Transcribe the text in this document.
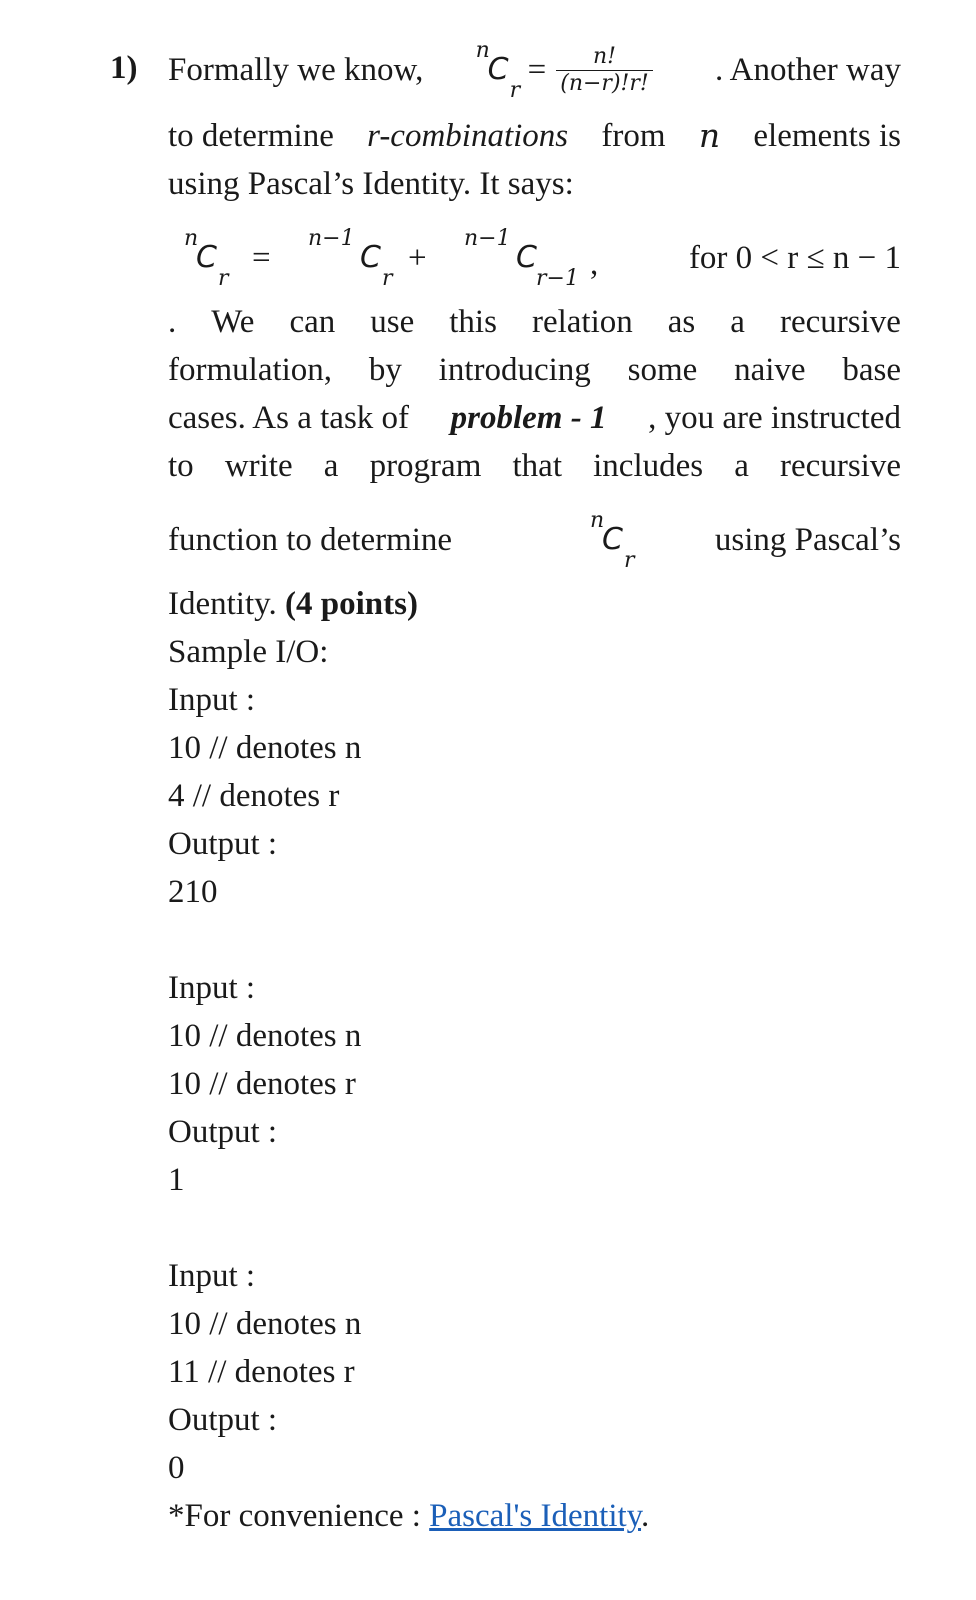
1) Formally we know,
n
C
r
= $\frac{n!}{(n-r)!r!}$ . Another way
to determine r-combinations from n elements is
using Pascal’s Identity. It says:
n
C
r
=
n−1
C
r
+
n−1
C
r−1 ,	for 0 < r ≤ n − 1
. We can use this relation as a recursive
formulation, by introducing some naive base
cases. As a task of problem - 1 , you are instructed
to write a program that includes a recursive
function to determine
n
C
r
using Pascal’s
Identity. (4 points)
Sample I/O:
Input :
10 // denotes n
4 // denotes r
Output :
210
Input :
10 // denotes n
10 // denotes r
Output :
1
Input :
10 // denotes n
11 // denotes r
Output :
0
*For convenience : Pascal's Identity.
